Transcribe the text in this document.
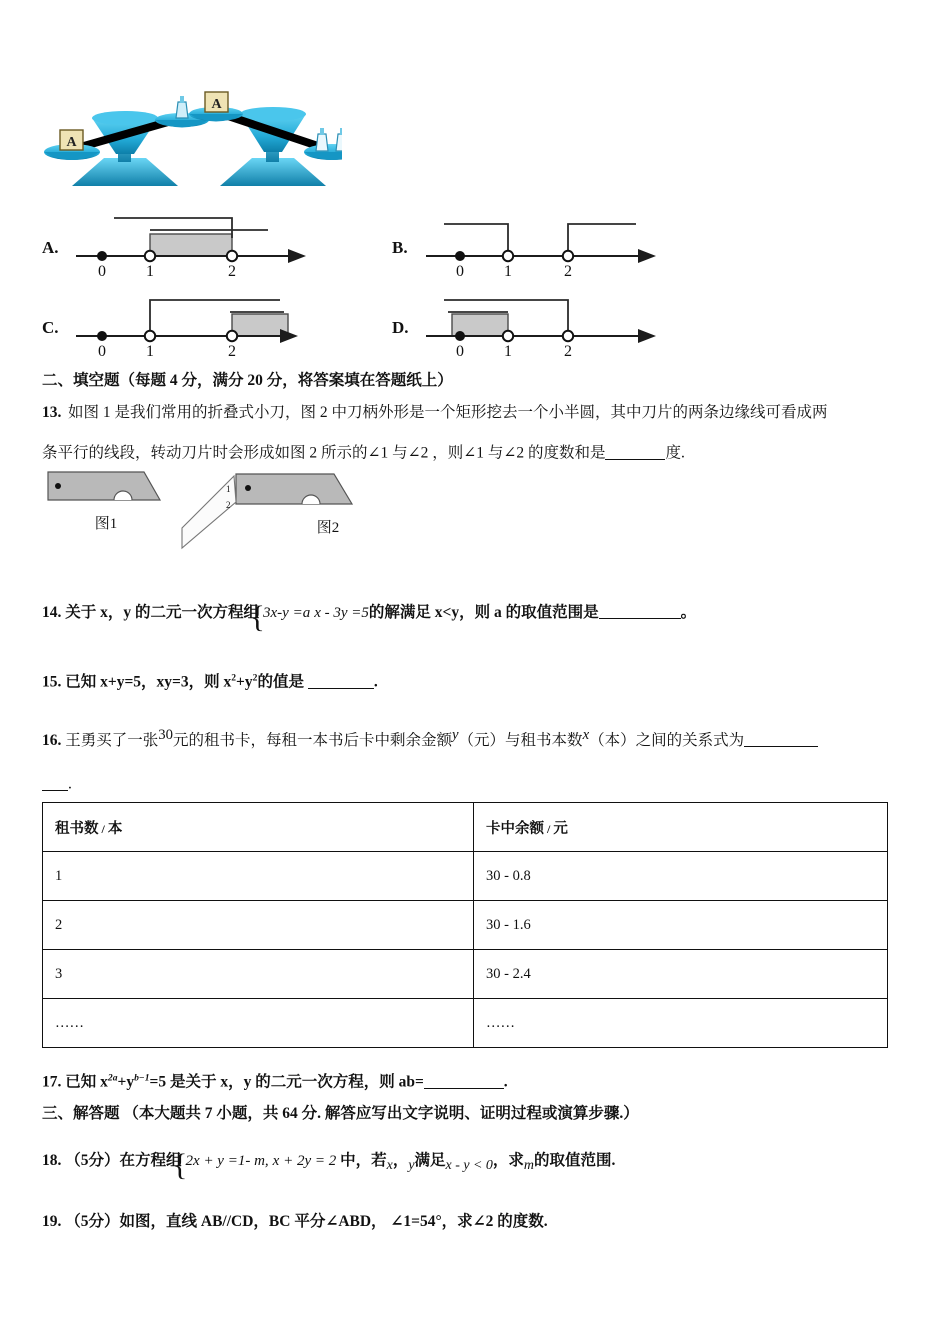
A
A
A.
0	1	2
B.
0	1	2
C.
0	1	2
D.
0	1	2
二、填空题（每题 4 分，满分 20 分，将答案填在答题纸上）
13. 如图 1 是我们常用的折叠式小刀，图 2 中刀柄外形是一个矩形挖去一个小半圆，其中刀片的两条边缘线可看成两
条平行的线段，转动刀片时会形成如图 2 所示的∠1 与∠2 ，则∠1 与∠2 的度数和是	度.
图1
1
2
图2
14. 关于 x，y 的二元一次方程组
{
3x-y =a x - 3y =5的解满足 x<y，则 a 的取值范围是	。
15. 已知 x+y=5，xy=3，则 $x^2+y^2$的值是	.
16. 王勇买了一张$^{30}$元的租书卡，每租一本书后卡中剩余金额$^y$（元）与租书本数$^x$（本）之间的关系式为
.
租书数 / 本	卡中余额 / 元
1	30 - 0.8
2	30 - 1.6
3	30 - 2.4
……	……
17. 已知 $x^{2a}+y^{b-1}=5$ 是关于 x，y 的二元一次方程，则 ab=	.
三、解答题 （本大题共 7 小题，共 64 分. 解答应写出文字说明、证明过程或演算步骤.）
18. （5分）在方程组
{
2x + y =1- m, x + 2y = 2 中，若$_x$，$_y$满足$_{x - y < 0}$，求$_m$的取值范围.
19. （5分）如图，直线 AB//CD，BC 平分∠ABD， ∠1=54°，求∠2 的度数.
